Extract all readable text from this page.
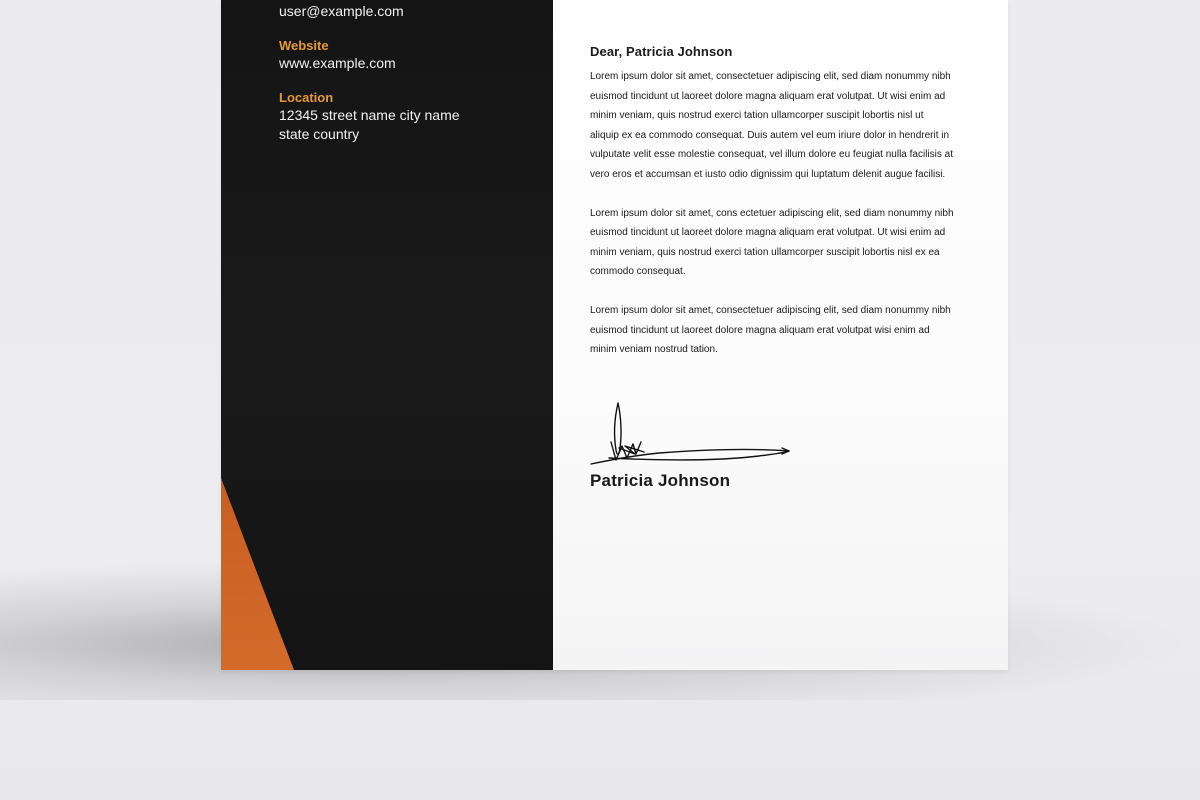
user@example.com
Website
www.example.com
Location
12345 street name city name
state country

Dear, Patricia Johnson

Lorem ipsum dolor sit amet, consectetuer adipiscing elit, sed diam nonummy nibh euismod tincidunt ut laoreet dolore magna aliquam erat volutpat. Ut wisi enim ad minim veniam, quis nostrud exerci tation ullamcorper suscipit lobortis nisl ut aliquip ex ea commodo consequat. Duis autem vel eum iriure dolor in hendrerit in vulputate velit esse molestie consequat, vel illum dolore eu feugiat nulla facilisis at vero eros et accumsan et iusto odio dignissim qui luptatum delenit augue facilisi.

Lorem ipsum dolor sit amet, cons ectetuer adipiscing elit, sed diam nonummy nibh euismod tincidunt ut laoreet dolore magna aliquam erat volutpat. Ut wisi enim ad minim veniam, quis nostrud exerci tation ullamcorper suscipit lobortis nisl ex ea commodo consequat.

Lorem ipsum dolor sit amet, consectetuer adipiscing elit, sed diam nonummy nibh euismod tincidunt ut laoreet dolore magna aliquam erat volutpat wisi enim ad minim veniam nostrud tation.

Patricia Johnson
